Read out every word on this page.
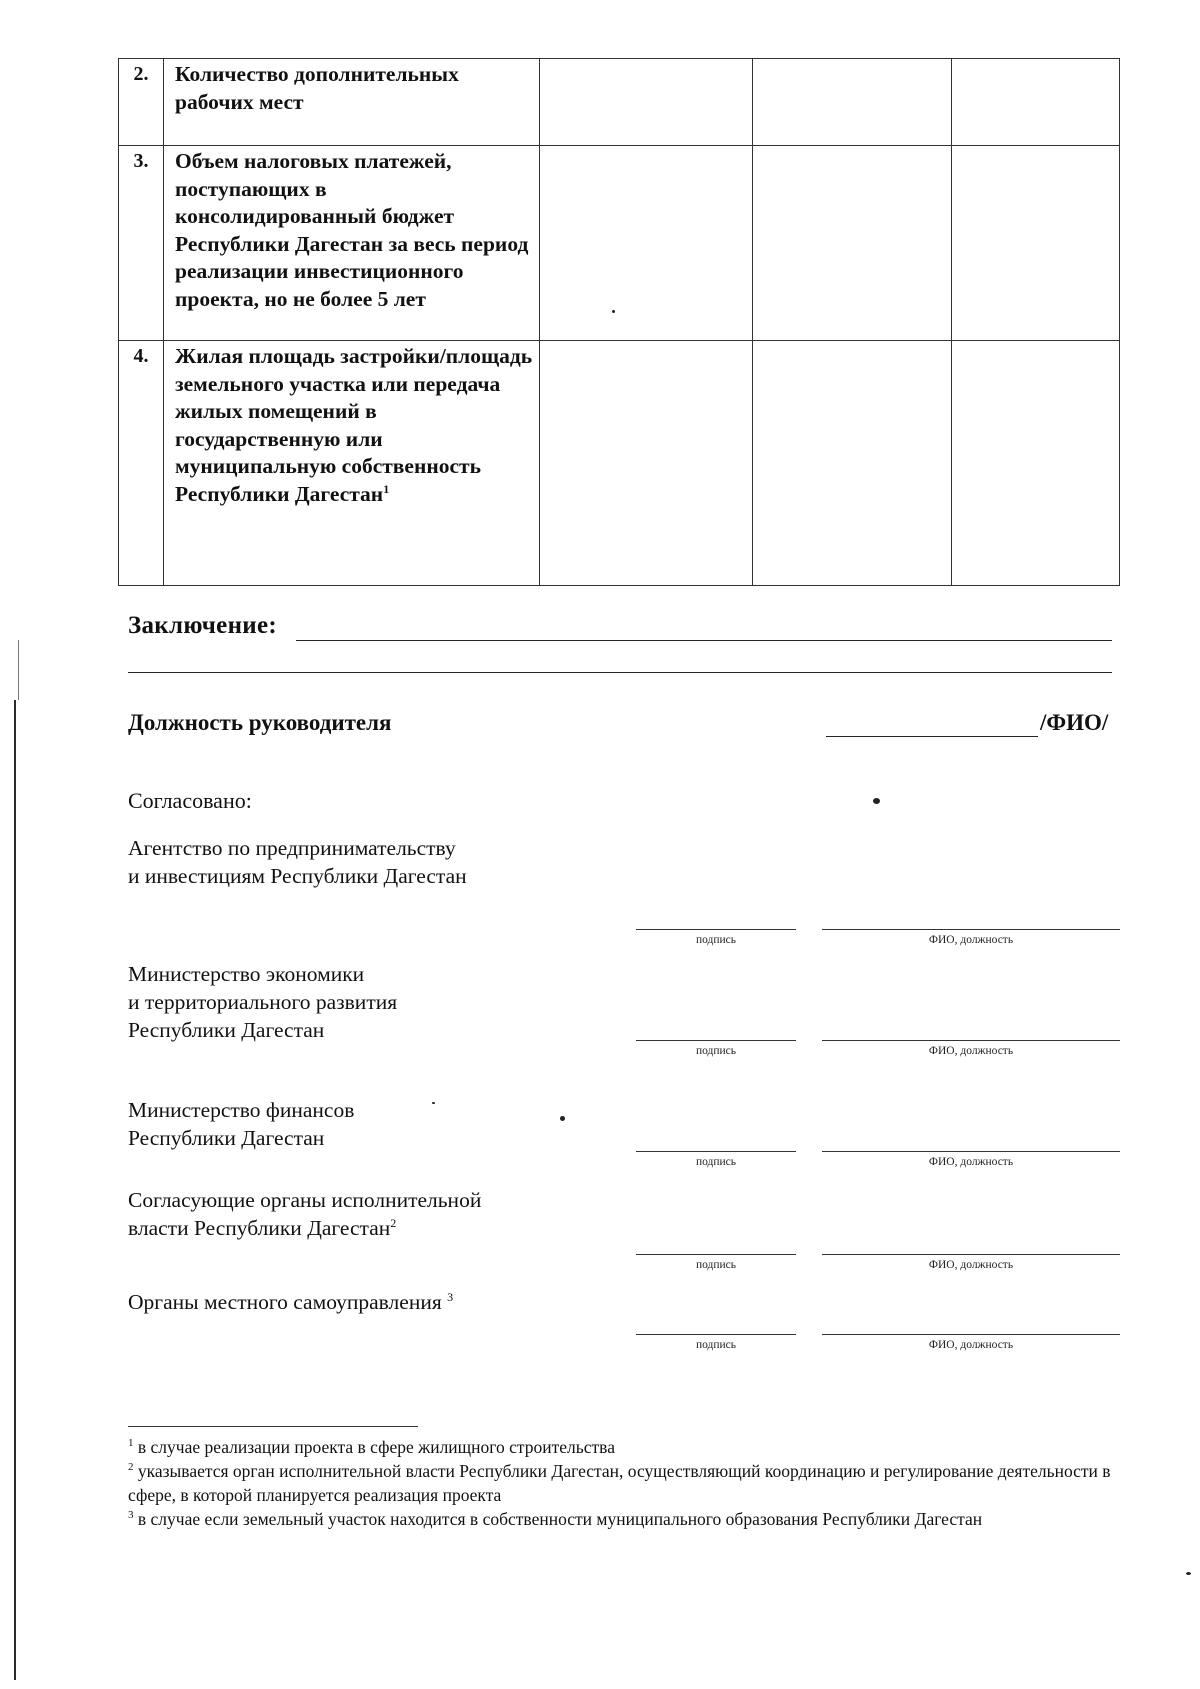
2.	Количество дополнительных рабочих мест			
3.	Объем налоговых платежей, поступающих в консолидированный бюджет Республики Дагестан за весь период реализации инвестиционного проекта, но не более 5 лет			
4.	Жилая площадь застройки/площадь земельного участка или передача жилых помещений в государственную или муниципальную собственность Республики Дагестан$^1$			
Заключение:
Должность руководителя	/ФИО/
Согласовано:
Агентство по предпринимательству
и инвестициям Республики Дагестан
подпись	ФИО, должность
Министерство экономики
и территориального развития
Республики Дагестан
подпись	ФИО, должность
Министерство финансов
Республики Дагестан
подпись	ФИО, должность
Согласующие органы исполнительной
власти Республики Дагестан$^2$
подпись	ФИО, должность
Органы местного самоуправления $^3$
подпись	ФИО, должность

$^1$ в случае реализации проекта в сфере жилищного строительства

$^2$ указывается орган исполнительной власти Республики Дагестан, осуществляющий координацию и регулирование деятельности в сфере, в которой планируется реализация проекта

$^3$ в случае если земельный участок находится в собственности муниципального образования Республики Дагестан
